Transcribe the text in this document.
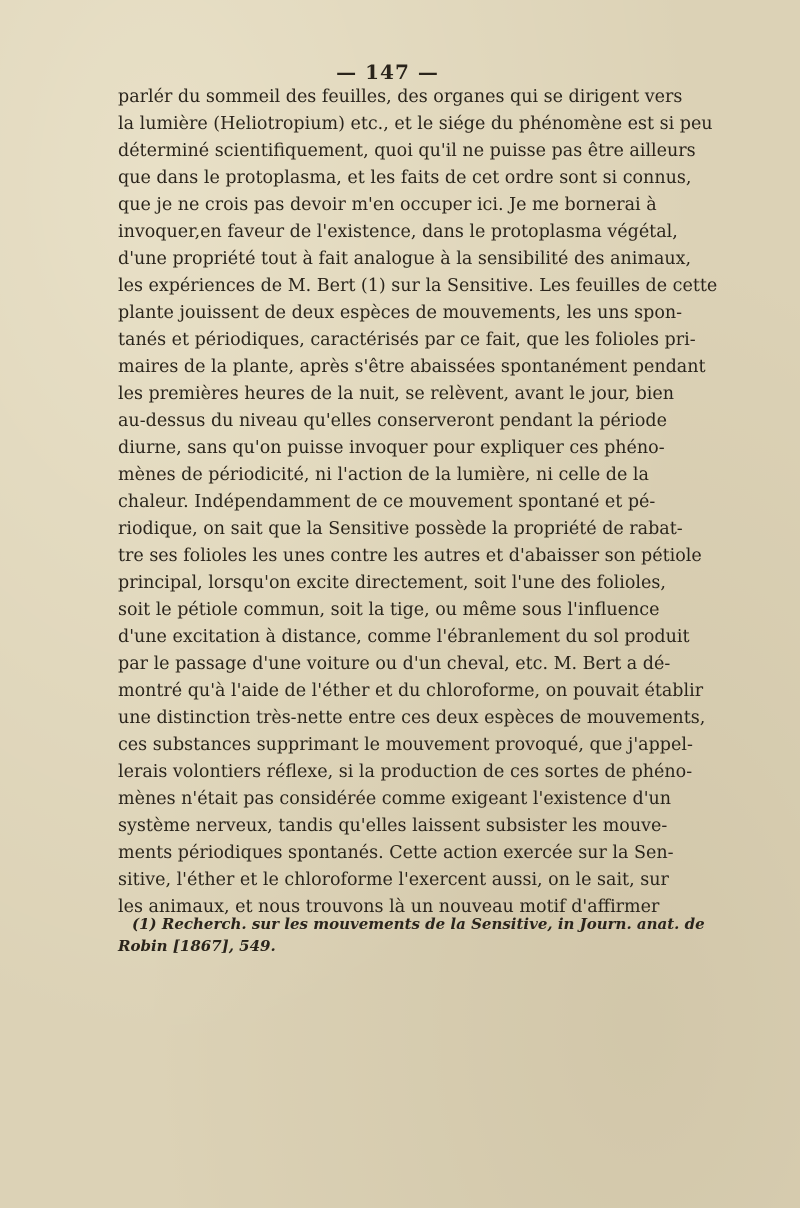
— 147 —
parlér du sommeil des feuilles, des organes qui se dirigent vers
la lumière (Heliotropium) etc., et le siége du phénomène est si peu
déterminé scientifiquement, quoi qu'il ne puisse pas être ailleurs
que dans le protoplasma, et les faits de cet ordre sont si connus,
que je ne crois pas devoir m'en occuper ici. Je me bornerai à
invoquer,en faveur de l'existence, dans le protoplasma végétal,
d'une propriété tout à fait analogue à la sensibilité des animaux,
les expériences de M. Bert (1) sur la Sensitive. Les feuilles de cette
plante jouissent de deux espèces de mouvements, les uns spon-
tanés et périodiques, caractérisés par ce fait, que les folioles pri-
maires de la plante, après s'être abaissées spontanément pendant
les premières heures de la nuit, se relèvent, avant le jour, bien
au-dessus du niveau qu'elles conserveront pendant la période
diurne, sans qu'on puisse invoquer pour expliquer ces phéno-
mènes de périodicité, ni l'action de la lumière, ni celle de la
chaleur. Indépendamment de ce mouvement spontané et pé-
riodique, on sait que la Sensitive possède la propriété de rabat-
tre ses folioles les unes contre les autres et d'abaisser son pétiole
principal, lorsqu'on excite directement, soit l'une des folioles,
soit le pétiole commun, soit la tige, ou même sous l'influence
d'une excitation à distance, comme l'ébranlement du sol produit
par le passage d'une voiture ou d'un cheval, etc. M. Bert a dé-
montré qu'à l'aide de l'éther et du chloroforme, on pouvait établir
une distinction très-nette entre ces deux espèces de mouvements,
ces substances supprimant le mouvement provoqué, que j'appel-
lerais volontiers réflexe, si la production de ces sortes de phéno-
mènes n'était pas considérée comme exigeant l'existence d'un
système nerveux, tandis qu'elles laissent subsister les mouve-
ments périodiques spontanés. Cette action exercée sur la Sen-
sitive, l'éther et le chloroforme l'exercent aussi, on le sait, sur
les animaux, et nous trouvons là un nouveau motif d'affirmer
(1) Recherch. sur les mouvements de la Sensitive, in Journ. anat. de
Robin [1867], 549.
